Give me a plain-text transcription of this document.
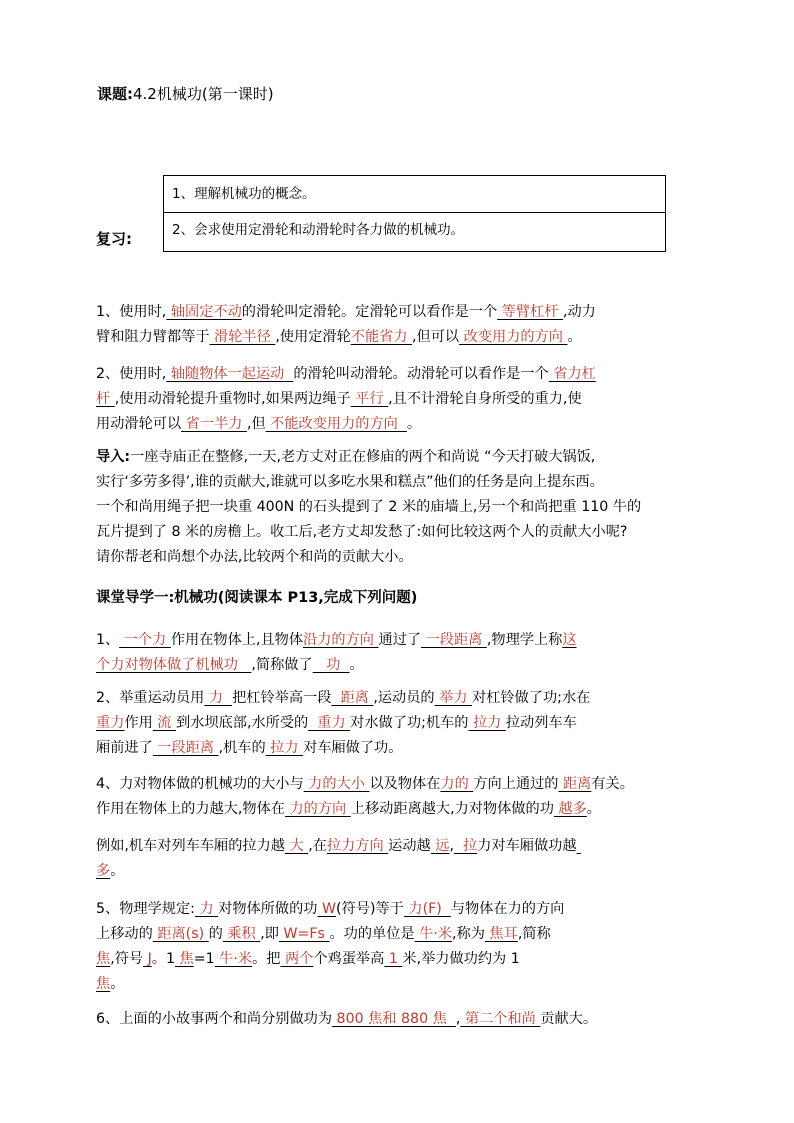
课题:4.2机械功(第一课时)
复习:
1、理解机械功的概念。
2、会求使用定滑轮和动滑轮时各力做的机械功。
1、使用时, 轴固定不动的滑轮叫定滑轮。定滑轮可以看作是一个 等臂杠杆 ,动力
臂和阻力臂都等于 滑轮半径 ,使用定滑轮不能省力 ,但可以 改变用力的方向 。
2、使用时, 轴随物体一起运动 的滑轮叫动滑轮。动滑轮可以看作是一个 省力杠
杆 ,使用动滑轮提升重物时,如果两边绳子 平行 ,且不计滑轮自身所受的重力,使
用动滑轮可以 省一半力 ,但 不能改变用力的方向 。
导入:一座寺庙正在整修,一天,老方丈对正在修庙的两个和尚说 “今天打破大锅饭,
实行‘多劳多得’,谁的贡献大,谁就可以多吃水果和糕点”他们的任务是向上提东西。
一个和尚用绳子把一块重 400N 的石头提到了 2 米的庙墙上,另一个和尚把重 110 牛的
瓦片提到了 8 米的房檐上。收工后,老方丈却发愁了:如何比较这两个人的贡献大小呢?
请你帮老和尚想个办法,比较两个和尚的贡献大小。
课堂导学一:机械功(阅读课本 P13,完成下列问题)
1、 一个力 作用在物体上,且物体沿力的方向 通过了 一段距离 ,物理学上称这
个力对物体做了机械功 ,简称做了 功 。
2、举重运动员用 力 把杠铃举高一段 距离 ,运动员的 举力 对杠铃做了功;水在
重力作用 流 到水坝底部,水所受的 重力 对水做了功;机车的 拉力 拉动列车车
厢前进了 一段距离 ,机车的 拉力 对车厢做了功。
4、力对物体做的机械功的大小与 力的大小 以及物体在力的 方向上通过的 距离有关。
作用在物体上的力越大,物体在 力的方向 上移动距离越大,力对物体做的功 越多。
例如,机车对列车车厢的拉力越 大 ,在拉力方向 运动越 远, 拉力对车厢做功越
多。
5、物理学规定: 力 对物体所做的功 W(符号)等于 力(F) 与物体在力的方向
上移动的 距离(s) 的 乘积 ,即 W=Fs 。功的单位是 牛·米,称为 焦耳,简称
焦,符号 J。1 焦=1 牛·米。把 两个个鸡蛋举高 1 米,举力做功约为 1
焦。
6、上面的小故事两个和尚分别做功为 800 焦和 880 焦 , 第二个和尚 贡献大。
